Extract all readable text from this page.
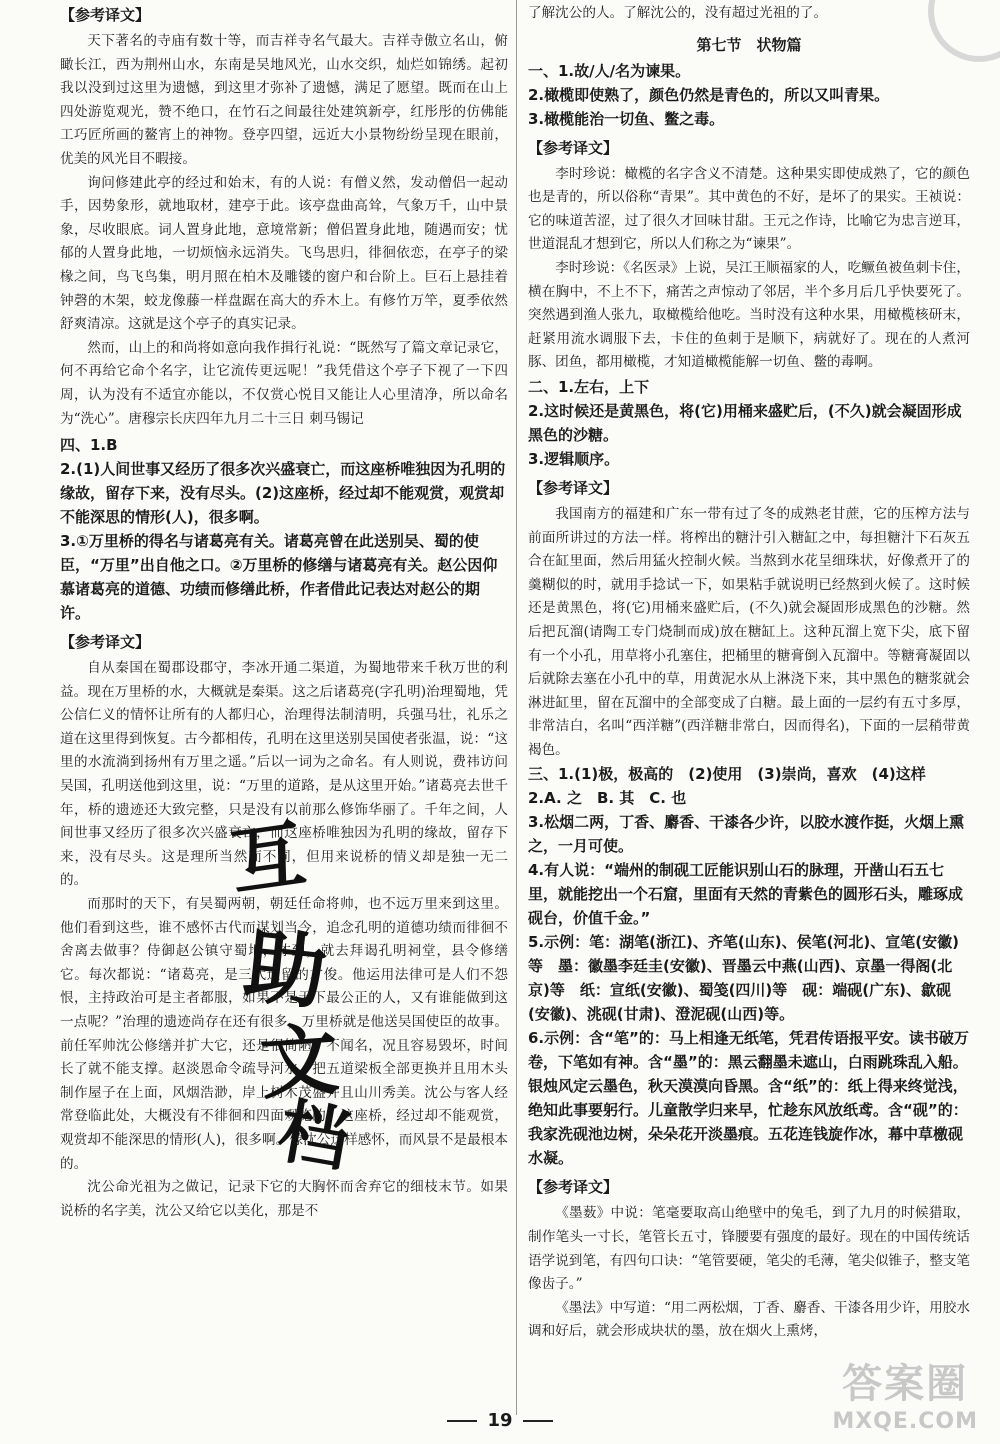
【参考译文】

天下著名的寺庙有数十等，而吉祥寺名气最大。吉祥寺傲立名山，俯瞰长江，西为荆州山水，东南是吴地风光，山水交织，灿烂如锦绣。起初我以没到过这里为遗憾，到这里才弥补了遗憾，满足了愿望。既而在山上四处游览观光，赞不绝口，在竹石之间最往处建筑新亭，红彤彤的仿佛能工巧匠所画的鳌宵上的神物。登亭四望，远近大小景物纷纷呈现在眼前，优美的风光目不暇接。

询问修建此亭的经过和始末，有的人说：有僧义然，发动僧侣一起动手，因势象形，就地取材，建亭于此。该亭盘曲高耸，气象万千，山中景象，尽收眼底。词人置身此地，意境常新；僧侣置身此地，随遇而安；忧郁的人置身此地，一切烦恼永远消失。飞鸟思归，徘徊依恋，在亭子的梁椽之间，鸟飞鸟集，明月照在柏木及雕镂的窗户和台阶上。巨石上悬挂着钟磬的木架，蛟龙像藤一样盘踞在高大的乔木上。有修竹万竿，夏季依然舒爽清凉。这就是这个亭子的真实记录。

然而，山上的和尚将如意向我作揖行礼说：“既然写了篇文章记录它，何不再给它命个名字，让它流传更远呢！”我凭借这个亭子下视了一下四周，认为没有不适宜亦能以，不仅赏心悦目又能让人心里清净，所以命名为“洗心”。唐穆宗长庆四年九月二十三日 刺马锡记

四、1.B

2.(1)人间世事又经历了很多次兴盛衰亡，而这座桥唯独因为孔明的缘故，留存下来，没有尽头。(2)这座桥，经过却不能观赏，观赏却不能深思的情形(人)，很多啊。

3.①万里桥的得名与诸葛亮有关。诸葛亮曾在此送别吴、蜀的使臣，“万里”出自他之口。②万里桥的修缮与诸葛亮有关。赵公因仰慕诸葛亮的道德、功绩而修缮此桥，作者借此记表达对赵公的期许。

【参考译文】

自从秦国在蜀郡设郡守，李冰开通二渠道，为蜀地带来千秋万世的利益。现在万里桥的水，大概就是秦渠。这之后诸葛亮(字孔明)治理蜀地，凭公信仁义的情怀让所有的人都归心，治理得法制清明，兵强马壮，礼乐之道在这里得到恢复。古今都相传，孔明在这里送别吴国使者张温，说：“这里的水流淌到扬州有万里之遥。”后以一词为之命名。有人则说，费祎访问吴国，孔明送他到这里，说：“万里的道路，是从这里开始。”诸葛亮去世千年，桥的遗迹还大致完整，只是没有以前那么修饰华丽了。千年之间，人间世事又经历了很多次兴盛衰亡，而这座桥唯独因为孔明的缘故，留存下来，没有尽头。这是理所当然而不同，但用来说桥的情义却是独一无二的。

而那时的天下，有吴蜀两朝，朝廷任命将帅，也不远万里来到这里。他们看到这些，谁不感怀古代而谋划当今，追念孔明的道德功绩而徘徊不舍离去做事？侍御赵公镇守蜀地，才到，就去拜谒孔明祠堂，县令修缮它。每次都说：“诸葛亮，是三代遗留的才俊。他运用法律可是人们不怨恨，主持政治可是主者都服，如果不是天下最公正的人，又有谁能做到这一点呢？”治理的遗迹尚存在还有很多，万里桥就是他送吴国使臣的故事。前任军帅沈公修缮并扩大它，还是很简陋，不闻名，况且容易毁坏，时间长了就不能支撑。赵淡恩命令疏导河水，把五道梁板全部更换并且用木头制作屋子在上面，风烟浩渺，岸上树木茂盛并且山川秀美。沈公与客人经常登临此处，大概没有不徘徊和四面观览的。这座桥，经过却不能观赏，观赏却不能深思的情形(人)，很多啊。像沈公这样感怀，而风景不是最根本的。

沈公命光祖为之做记，记录下它的大胸怀而舍弃它的细枝末节。如果说桥的名字美，沈公又给它以美化，那是不

了解沈公的人。了解沈公的，没有超过光祖的了。

第七节　状物篇

一、1.故/人/名为谏果。

2.橄榄即使熟了，颜色仍然是青色的，所以又叫青果。

3.橄榄能治一切鱼、鳖之毒。

【参考译文】

李时珍说：橄榄的名字含义不清楚。这种果实即使成熟了，它的颜色也是青的，所以俗称“青果”。其中黄色的不好，是坏了的果实。王祯说：它的味道苦涩，过了很久才回味甘甜。王元之作诗，比喻它为忠言逆耳，世道混乱才想到它，所以人们称之为“谏果”。

李时珍说：《名医录》上说，吴江王顺福家的人，吃鳜鱼被鱼刺卡住，横在胸中，不上不下，痛苦之声惊动了邻居，半个多月后几乎快要死了。突然遇到渔人张九，取橄榄给他吃。当时没有这种水果，用橄榄核研末，赶紧用流水调服下去，卡住的鱼刺于是顺下，病就好了。现在的人煮河豚、团鱼，都用橄榄，才知道橄榄能解一切鱼、鳖的毒啊。

二、1.左右，上下

2.这时候还是黄黑色，将(它)用桶来盛贮后，(不久)就会凝固形成黑色的沙糖。

3.逻辑顺序。

【参考译文】

我国南方的福建和广东一带有过了冬的成熟老甘蔗，它的压榨方法与前面所讲过的方法一样。将榨出的糖汁引入糖缸之中，每担糖汁下石灰五合在缸里面，然后用猛火控制火候。当熬到水花呈细珠状，好像煮开了的羹糊似的时，就用手捻试一下，如果粘手就说明已经熬到火候了。这时候还是黄黑色，将(它)用桶来盛贮后，(不久)就会凝固形成黑色的沙糖。然后把瓦溜(请陶工专门烧制而成)放在糖缸上。这种瓦溜上宽下尖，底下留有一个小孔，用草将小孔塞住，把桶里的糖膏倒入瓦溜中。等糖膏凝固以后就除去塞在小孔中的草，用黄泥水从上淋浇下来，其中黑色的糖浆就会淋进缸里，留在瓦溜中的全部变成了白糖。最上面的一层约有五寸多厚，非常洁白，名叫“西洋糖”(西洋糖非常白，因而得名)，下面的一层稍带黄褐色。

三、1.(1)极，极高的　(2)使用　(3)崇尚，喜欢　(4)这样

2.A. 之　B. 其　C. 也

3.松烟二两，丁香、麝香、干漆各少许，以胶水渡作挺，火烟上熏之，一月可使。

4.有人说：“端州的制砚工匠能识别山石的脉理，开凿山石五七里，就能挖出一个石窟，里面有天然的青紫色的圆形石头，雕琢成砚台，价值千金。”

5.示例：笔：湖笔(浙江)、齐笔(山东)、侯笔(河北)、宣笔(安徽)等　墨：徽墨李廷圭(安徽)、晋墨云中燕(山西)、京墨一得阁(北京)等　纸：宣纸(安徽)、蜀笺(四川)等　砚：端砚(广东)、歙砚(安徽)、洮砚(甘肃)、澄泥砚(山西)等。

6.示例：含“笔”的：马上相逢无纸笔，凭君传语报平安。读书破万卷，下笔如有神。含“墨”的：黑云翻墨未遮山，白雨跳珠乱入船。银烛风定云墨色，秋天漠漠向昏黑。含“纸”的：纸上得来终觉浅，绝知此事要躬行。儿童散学归来早，忙趁东风放纸鸢。含“砚”的：我家洗砚池边树，朵朵花开淡墨痕。五花连钱旋作冰，幕中草檄砚水凝。

【参考译文】

《墨薮》中说：笔毫要取高山绝壁中的兔毛，到了九月的时候猎取，制作笔头一寸长，笔管长五寸，锋腰要有强度的最好。现在的中国传统话语学说到笔，有四句口诀：“笔管要硬，笔尖的毛薄，笔尖似锥子，整支笔像齿子。”

《墨法》中写道：“用二两松烟，丁香、麝香、干漆各用少许，用胶水调和好后，就会形成块状的墨，放在烟火上熏烤，

互
助
文
档
19
答案圈
MXQE.COM
